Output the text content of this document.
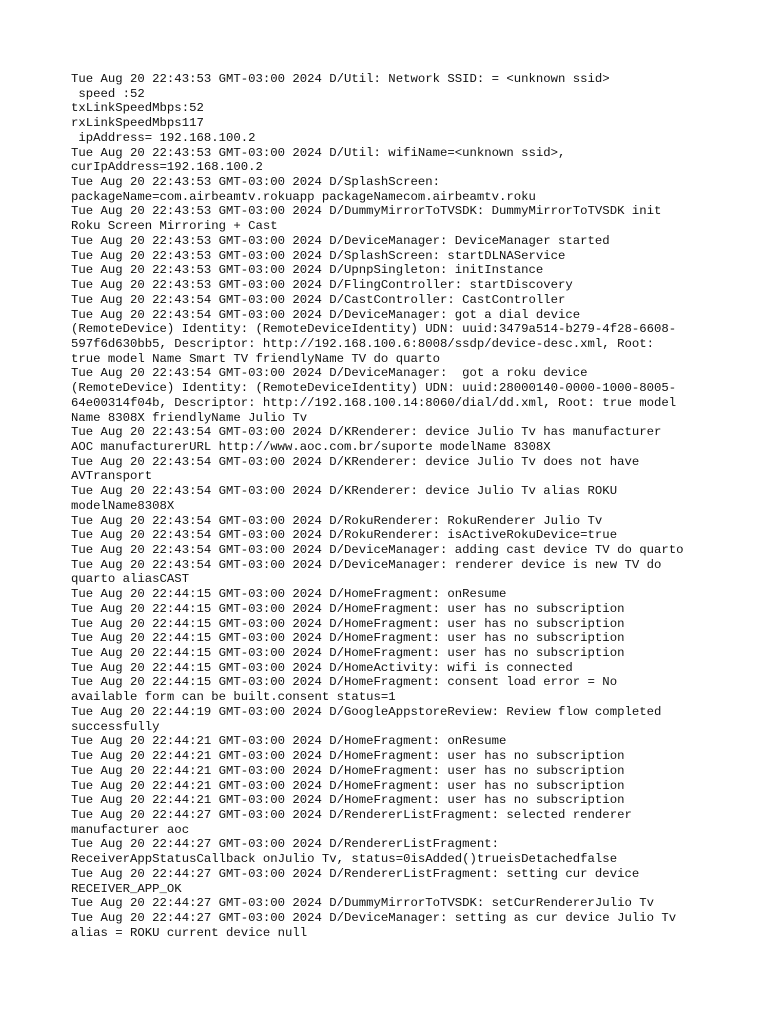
Tue Aug 20 22:43:53 GMT-03:00 2024 D/Util: Network SSID: = <unknown ssid>
speed :52
txLinkSpeedMbps:52
rxLinkSpeedMbps117
ipAddress= 192.168.100.2
Tue Aug 20 22:43:53 GMT-03:00 2024 D/Util: wifiName=<unknown ssid>,
curIpAddress=192.168.100.2
Tue Aug 20 22:43:53 GMT-03:00 2024 D/SplashScreen:
packageName=com.airbeamtv.rokuapp packageNamecom.airbeamtv.roku
Tue Aug 20 22:43:53 GMT-03:00 2024 D/DummyMirrorToTVSDK: DummyMirrorToTVSDK init
Roku Screen Mirroring + Cast
Tue Aug 20 22:43:53 GMT-03:00 2024 D/DeviceManager: DeviceManager started
Tue Aug 20 22:43:53 GMT-03:00 2024 D/SplashScreen: startDLNAService
Tue Aug 20 22:43:53 GMT-03:00 2024 D/UpnpSingleton: initInstance
Tue Aug 20 22:43:53 GMT-03:00 2024 D/FlingController: startDiscovery
Tue Aug 20 22:43:54 GMT-03:00 2024 D/CastController: CastController
Tue Aug 20 22:43:54 GMT-03:00 2024 D/DeviceManager: got a dial device
(RemoteDevice) Identity: (RemoteDeviceIdentity) UDN: uuid:3479a514-b279-4f28-6608-
597f6d630bb5, Descriptor: http://192.168.100.6:8008/ssdp/device-desc.xml, Root:
true model Name Smart TV friendlyName TV do quarto
Tue Aug 20 22:43:54 GMT-03:00 2024 D/DeviceManager:  got a roku device
(RemoteDevice) Identity: (RemoteDeviceIdentity) UDN: uuid:28000140-0000-1000-8005-
64e00314f04b, Descriptor: http://192.168.100.14:8060/dial/dd.xml, Root: true model
Name 8308X friendlyName Julio Tv
Tue Aug 20 22:43:54 GMT-03:00 2024 D/KRenderer: device Julio Tv has manufacturer
AOC manufacturerURL http://www.aoc.com.br/suporte modelName 8308X
Tue Aug 20 22:43:54 GMT-03:00 2024 D/KRenderer: device Julio Tv does not have
AVTransport
Tue Aug 20 22:43:54 GMT-03:00 2024 D/KRenderer: device Julio Tv alias ROKU
modelName8308X
Tue Aug 20 22:43:54 GMT-03:00 2024 D/RokuRenderer: RokuRenderer Julio Tv
Tue Aug 20 22:43:54 GMT-03:00 2024 D/RokuRenderer: isActiveRokuDevice=true
Tue Aug 20 22:43:54 GMT-03:00 2024 D/DeviceManager: adding cast device TV do quarto
Tue Aug 20 22:43:54 GMT-03:00 2024 D/DeviceManager: renderer device is new TV do
quarto aliasCAST
Tue Aug 20 22:44:15 GMT-03:00 2024 D/HomeFragment: onResume
Tue Aug 20 22:44:15 GMT-03:00 2024 D/HomeFragment: user has no subscription
Tue Aug 20 22:44:15 GMT-03:00 2024 D/HomeFragment: user has no subscription
Tue Aug 20 22:44:15 GMT-03:00 2024 D/HomeFragment: user has no subscription
Tue Aug 20 22:44:15 GMT-03:00 2024 D/HomeFragment: user has no subscription
Tue Aug 20 22:44:15 GMT-03:00 2024 D/HomeActivity: wifi is connected
Tue Aug 20 22:44:15 GMT-03:00 2024 D/HomeFragment: consent load error = No
available form can be built.consent status=1
Tue Aug 20 22:44:19 GMT-03:00 2024 D/GoogleAppstoreReview: Review flow completed
successfully
Tue Aug 20 22:44:21 GMT-03:00 2024 D/HomeFragment: onResume
Tue Aug 20 22:44:21 GMT-03:00 2024 D/HomeFragment: user has no subscription
Tue Aug 20 22:44:21 GMT-03:00 2024 D/HomeFragment: user has no subscription
Tue Aug 20 22:44:21 GMT-03:00 2024 D/HomeFragment: user has no subscription
Tue Aug 20 22:44:21 GMT-03:00 2024 D/HomeFragment: user has no subscription
Tue Aug 20 22:44:27 GMT-03:00 2024 D/RendererListFragment: selected renderer
manufacturer aoc
Tue Aug 20 22:44:27 GMT-03:00 2024 D/RendererListFragment:
ReceiverAppStatusCallback onJulio Tv, status=0isAdded()trueisDetachedfalse
Tue Aug 20 22:44:27 GMT-03:00 2024 D/RendererListFragment: setting cur device
RECEIVER_APP_OK
Tue Aug 20 22:44:27 GMT-03:00 2024 D/DummyMirrorToTVSDK: setCurRendererJulio Tv
Tue Aug 20 22:44:27 GMT-03:00 2024 D/DeviceManager: setting as cur device Julio Tv
alias = ROKU current device null
